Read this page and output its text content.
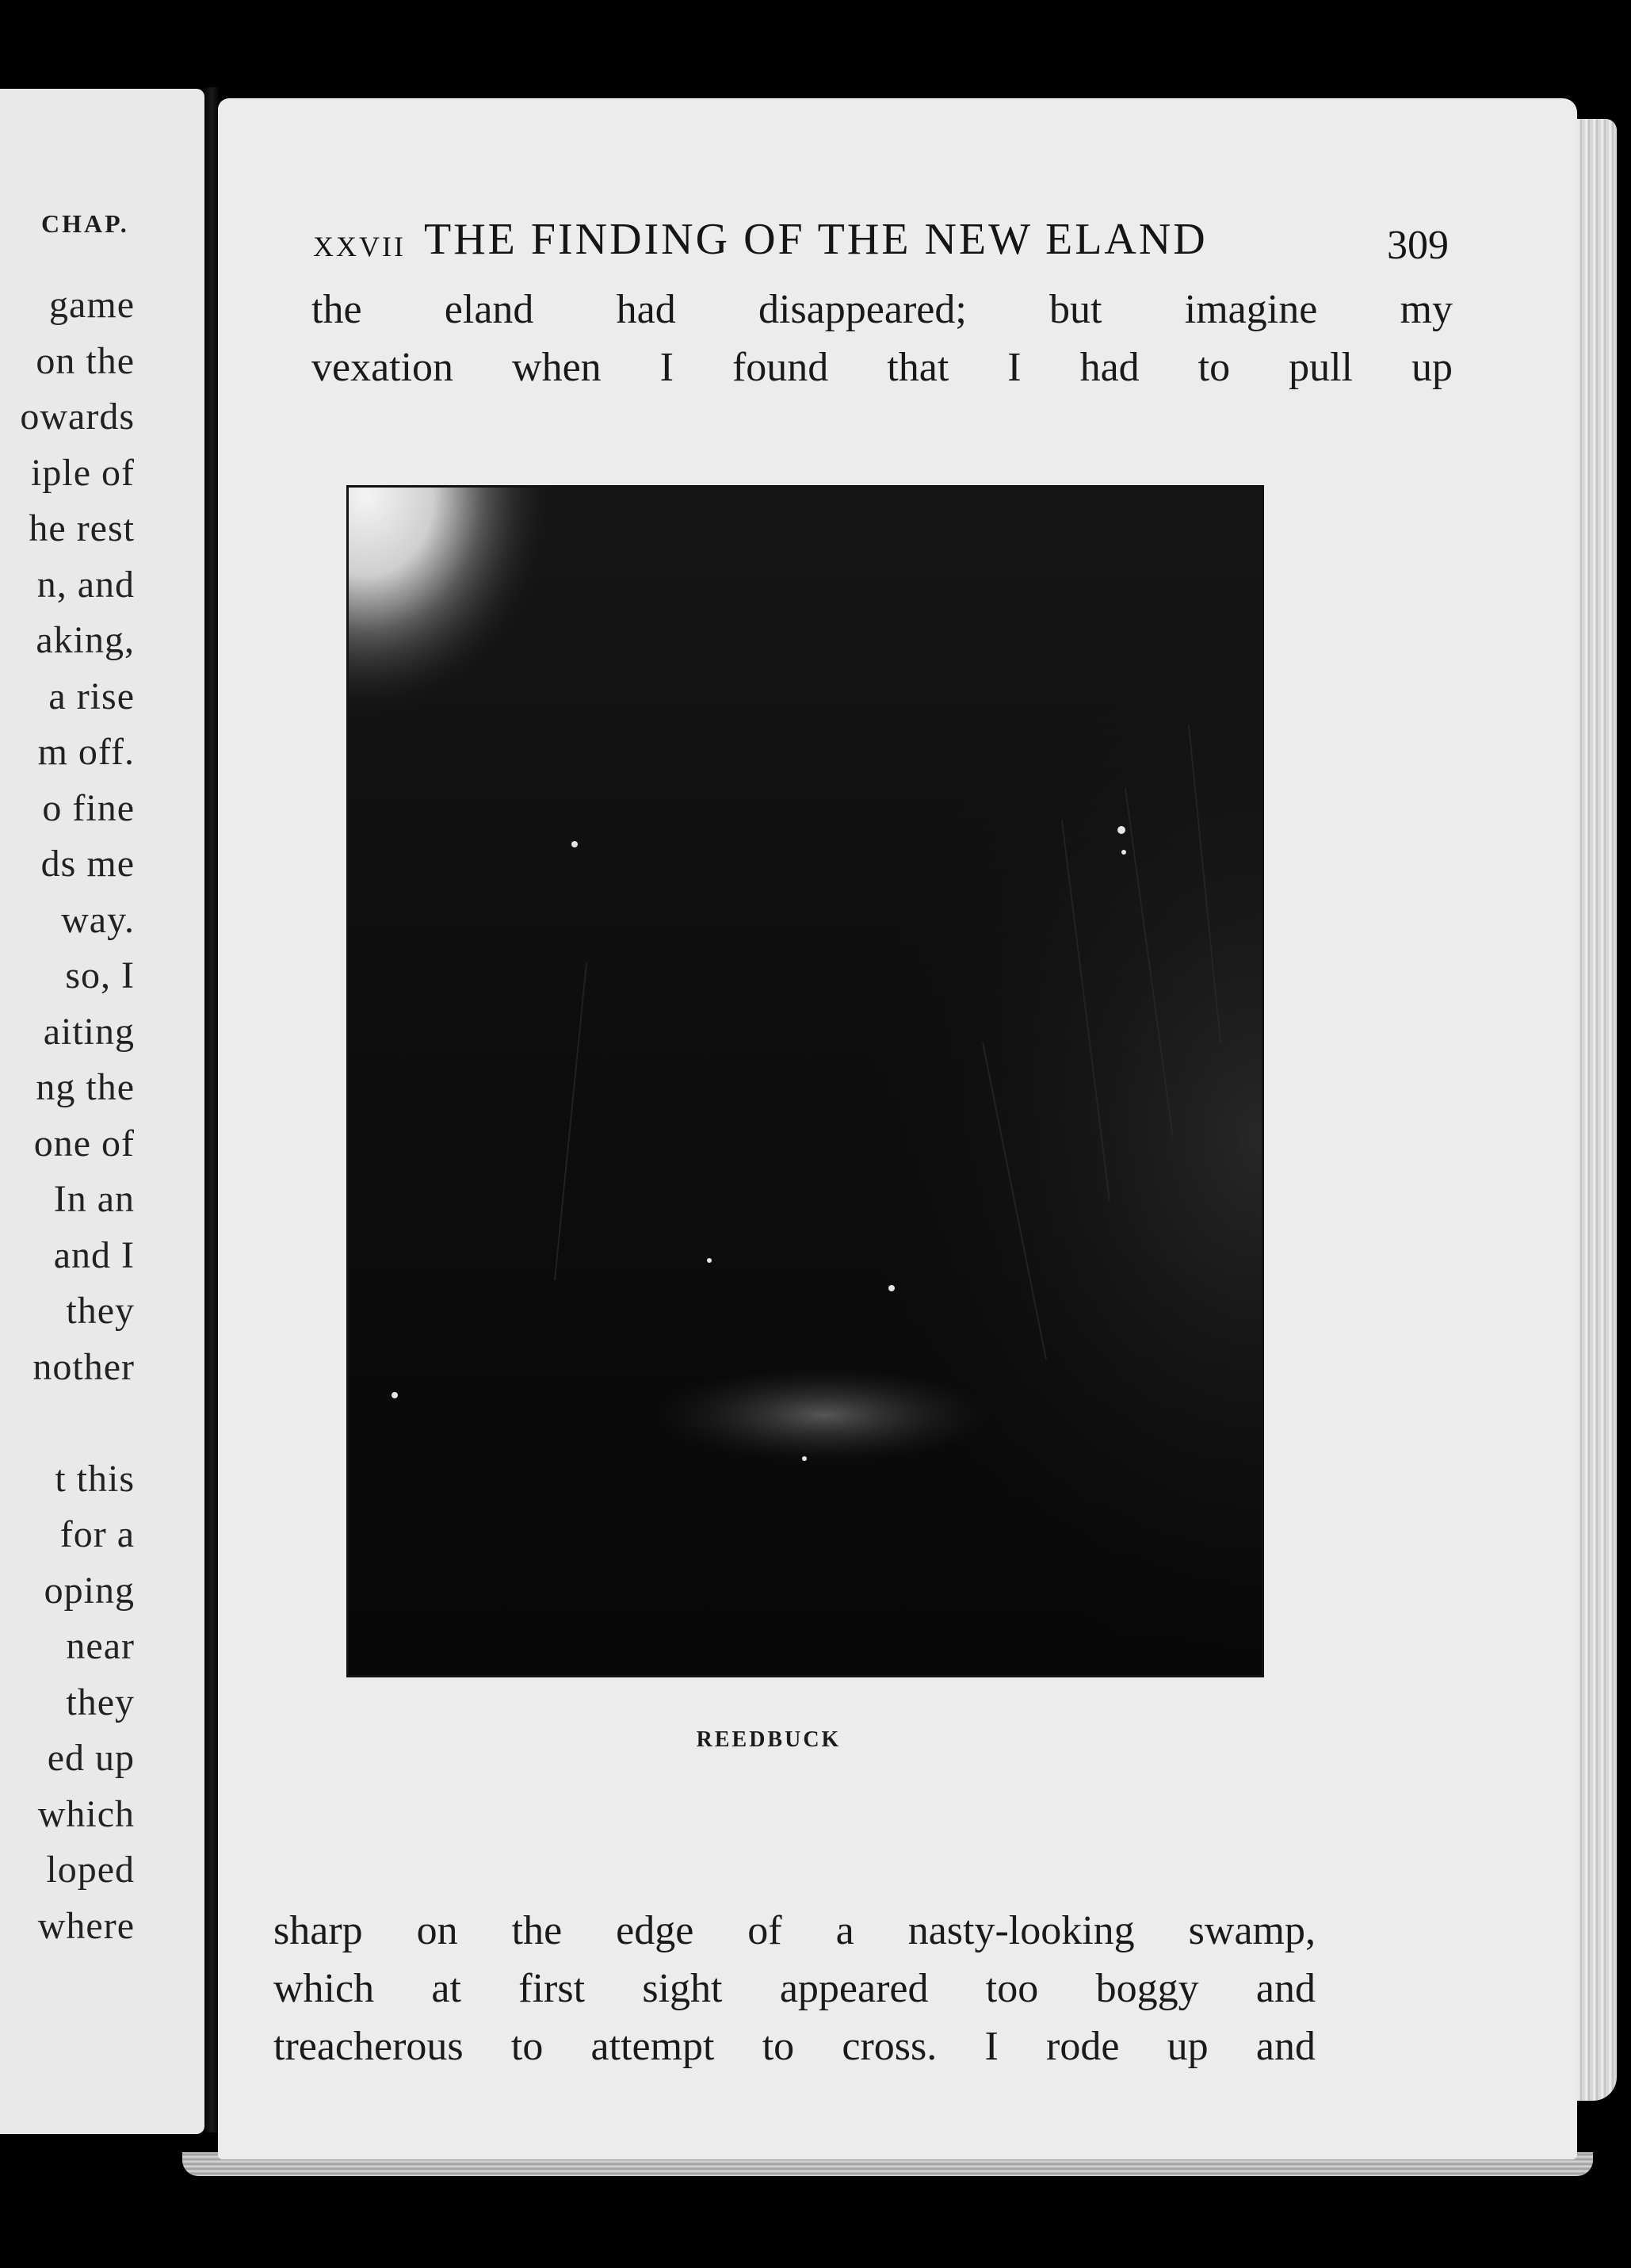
CHAP.
game
on the
owards
iple of
he rest
n, and
aking,
a rise
m off.
o fine
ds me
way.
so, I
aiting
ng the
one of
In an
and I
they
nother
t this
for a
oping
near
they
ed up
which
loped
where
XXVII THE FINDING OF THE NEW ELAND	309
the eland had disappeared; but imagine my
vexation when I found that I had to pull up
REEDBUCK
sharp on the edge of a nasty-looking swamp,
which at first sight appeared too boggy and
treacherous to attempt to cross. I rode up and
